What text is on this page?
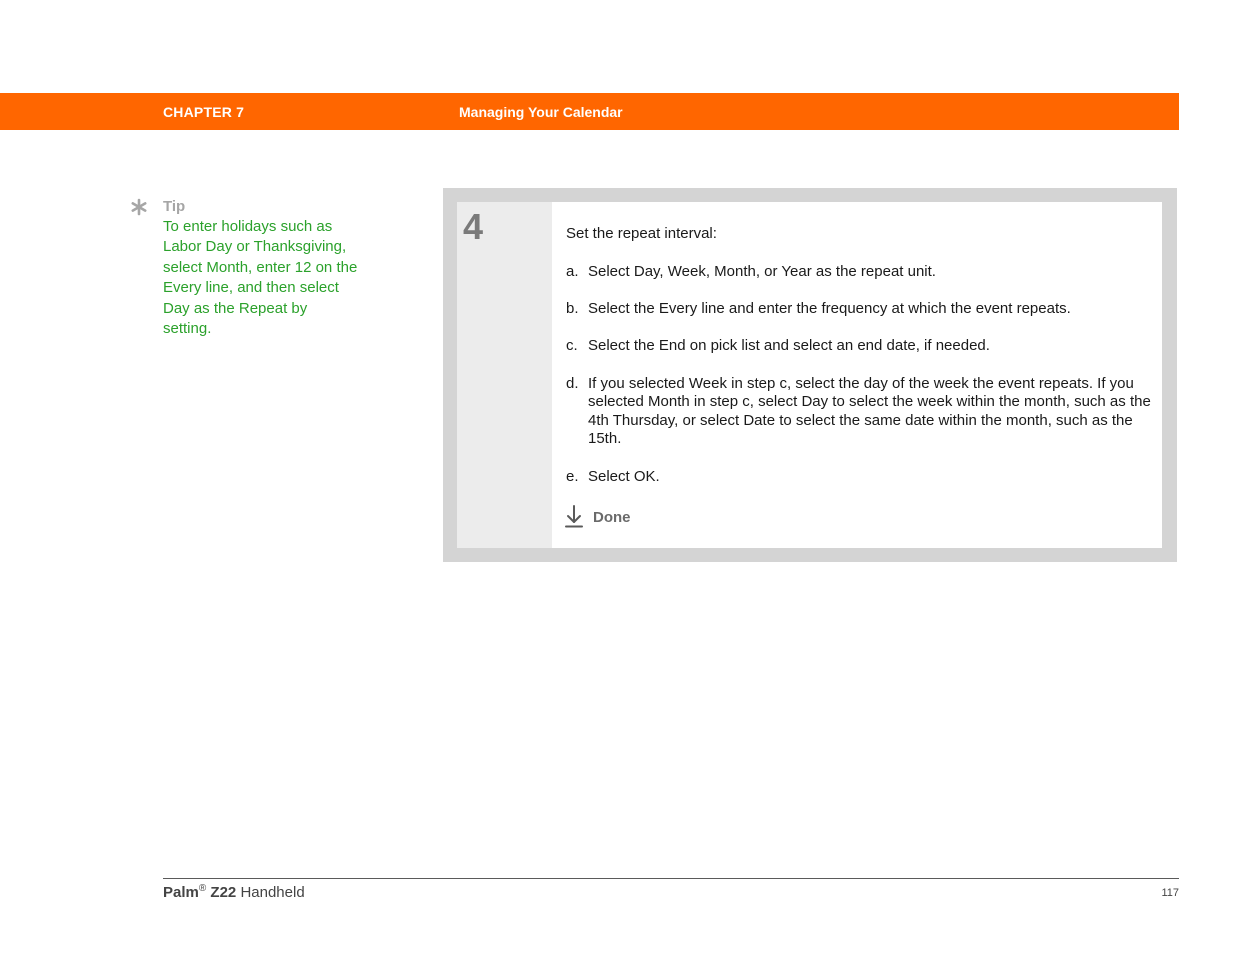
CHAPTER 7	Managing Your Calendar
Tip
To enter holidays such as Labor Day or Thanksgiving, select Month, enter 12 on the Every line, and then select Day as the Repeat by setting.
4	Set the repeat interval:
a. Select Day, Week, Month, or Year as the repeat unit.
b. Select the Every line and enter the frequency at which the event repeats.
c. Select the End on pick list and select an end date, if needed.
d. If you selected Week in step c, select the day of the week the event repeats. If you selected Month in step c, select Day to select the week within the month, such as the 4th Thursday, or select Date to select the same date within the month, such as the 15th.
e. Select OK.
Done
Palm® Z22 Handheld	117
